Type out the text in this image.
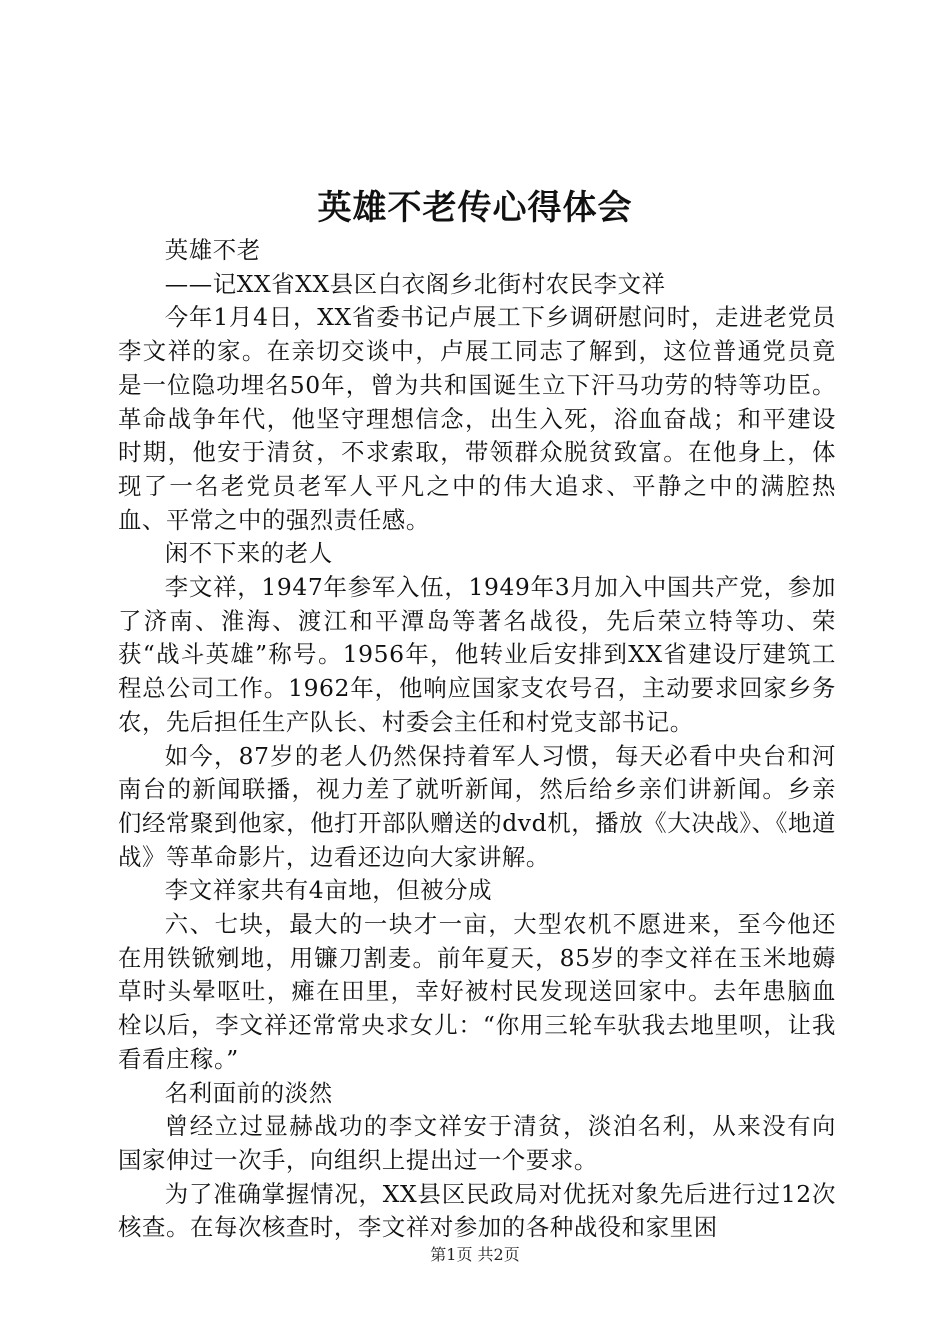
英雄不老传心得体会

英雄不老

——记XX省XX县区白衣阁乡北街村农民李文祥

今年1月4日，XX省委书记卢展工下乡调研慰问时，走进老党员李文祥的家。在亲切交谈中，卢展工同志了解到，这位普通党员竟是一位隐功埋名50年，曾为共和国诞生立下汗马功劳的特等功臣。革命战争年代，他坚守理想信念，出生入死，浴血奋战；和平建设时期，他安于清贫，不求索取，带领群众脱贫致富。在他身上，体现了一名老党员老军人平凡之中的伟大追求、平静之中的满腔热血、平常之中的强烈责任感。

闲不下来的老人

李文祥，1947年参军入伍，1949年3月加入中国共产党，参加了济南、淮海、渡江和平潭岛等著名战役，先后荣立特等功、荣获“战斗英雄”称号。1956年，他转业后安排到XX省建设厅建筑工程总公司工作。1962年，他响应国家支农号召，主动要求回家乡务农，先后担任生产队长、村委会主任和村党支部书记。

如今，87岁的老人仍然保持着军人习惯，每天必看中央台和河南台的新闻联播，视力差了就听新闻，然后给乡亲们讲新闻。乡亲们经常聚到他家，他打开部队赠送的dvd机，播放《大决战》、《地道战》等革命影片，边看还边向大家讲解。

李文祥家共有4亩地，但被分成

六、七块，最大的一块才一亩，大型农机不愿进来，至今他还在用铁锨剜地，用镰刀割麦。前年夏天，85岁的李文祥在玉米地薅草时头晕呕吐，瘫在田里，幸好被村民发现送回家中。去年患脑血栓以后，李文祥还常常央求女儿：“你用三轮车驮我去地里呗，让我看看庄稼。”

名利面前的淡然

曾经立过显赫战功的李文祥安于清贫，淡泊名利，从来没有向国家伸过一次手，向组织上提出过一个要求。

为了准确掌握情况，XX县区民政局对优抚对象先后进行过12次核查。在每次核查时，李文祥对参加的各种战役和家里困

第1页 共2页
